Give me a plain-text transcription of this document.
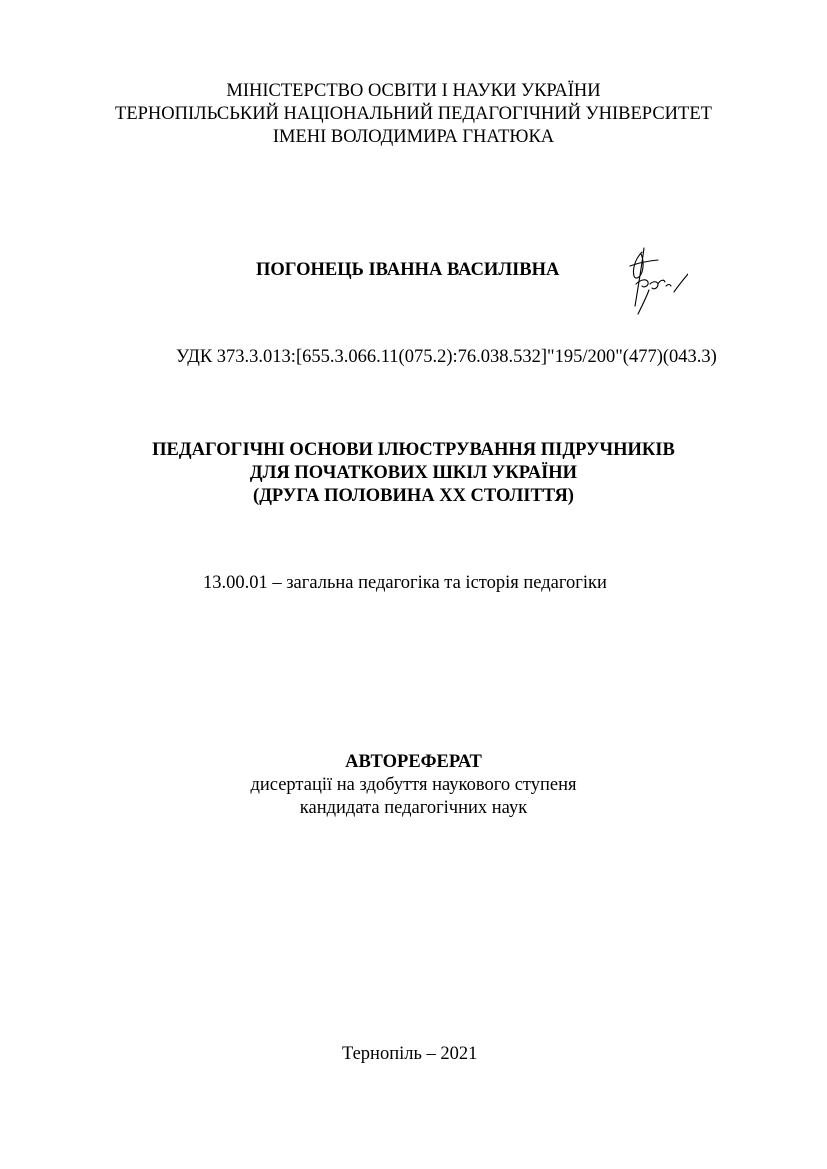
МІНІСТЕРСТВО ОСВІТИ І НАУКИ УКРАЇНИ
ТЕРНОПІЛЬСЬКИЙ НАЦІОНАЛЬНИЙ ПЕДАГОГІЧНИЙ УНІВЕРСИТЕТ
ІМЕНІ ВОЛОДИМИРА ГНАТЮКА
ПОГОНЕЦЬ ІВАННА ВАСИЛІВНА
УДК 373.3.013:[655.3.066.11(075.2):76.038.532]"195/200"(477)(043.3)
ПЕДАГОГІЧНІ ОСНОВИ ІЛЮСТРУВАННЯ ПІДРУЧНИКІВ
ДЛЯ ПОЧАТКОВИХ ШКІЛ УКРАЇНИ
(ДРУГА ПОЛОВИНА ХХ СТОЛІТТЯ)
13.00.01 – загальна педагогіка та історія педагогіки
АВТОРЕФЕРАТ
дисертації на здобуття наукового ступеня
кандидата педагогічних наук
Тернопіль – 2021
